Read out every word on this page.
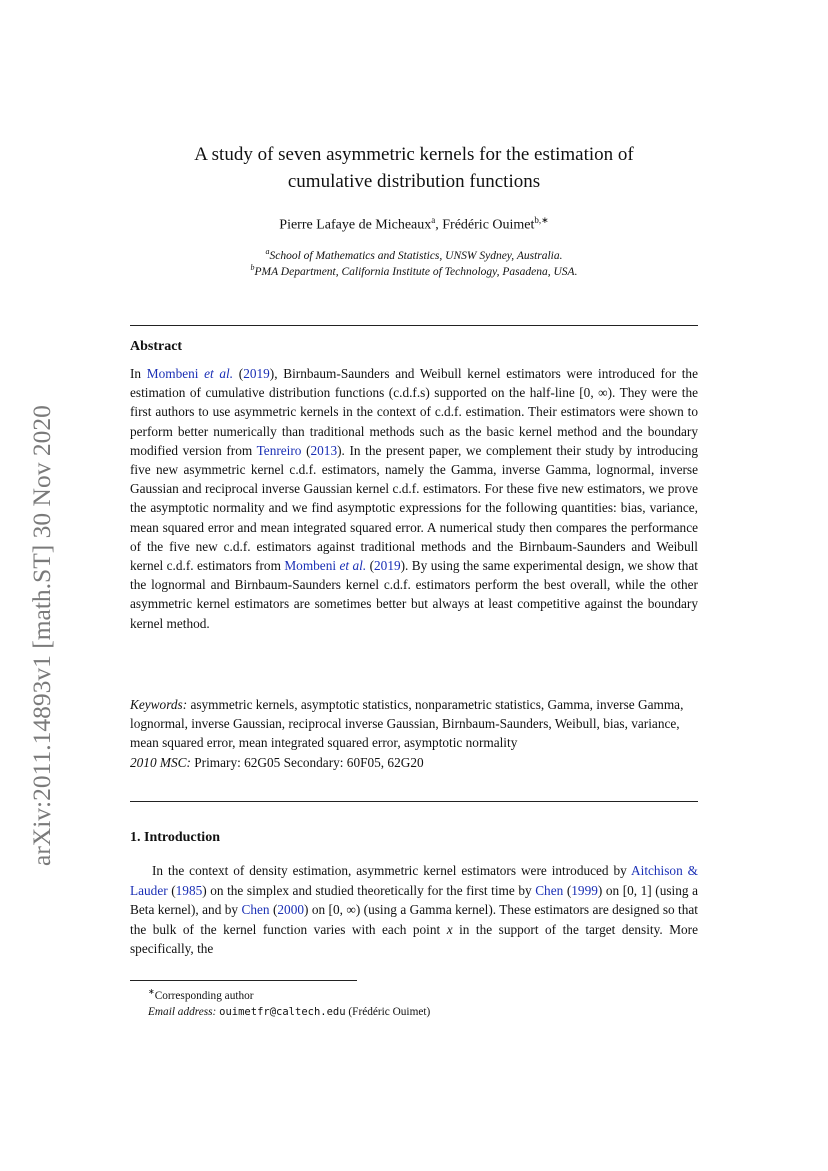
arXiv:2011.14893v1 [math.ST] 30 Nov 2020
A study of seven asymmetric kernels for the estimation of
cumulative distribution functions
Pierre Lafaye de Micheaux$^a$, Frédéric Ouimet$^{b,∗}$
$^a$School of Mathematics and Statistics, UNSW Sydney, Australia.
$^b$PMA Department, California Institute of Technology, Pasadena, USA.
Abstract
In Mombeni et al. (2019), Birnbaum-Saunders and Weibull kernel estimators were introduced for the estimation of cumulative distribution functions (c.d.f.s) supported on the half-line [0, ∞). They were the first authors to use asymmetric kernels in the context of c.d.f. estimation. Their estimators were shown to perform better numerically than traditional methods such as the basic kernel method and the boundary modified version from Tenreiro (2013). In the present paper, we complement their study by introducing five new asymmetric kernel c.d.f. estimators, namely the Gamma, inverse Gamma, lognormal, inverse Gaussian and reciprocal inverse Gaussian kernel c.d.f. estimators. For these five new estimators, we prove the asymptotic normality and we find asymptotic expressions for the following quantities: bias, variance, mean squared error and mean integrated squared error. A numerical study then compares the performance of the five new c.d.f. estimators against traditional methods and the Birnbaum-Saunders and Weibull kernel c.d.f. estimators from Mombeni et al. (2019). By using the same experimental design, we show that the lognormal and Birnbaum-Saunders kernel c.d.f. estimators perform the best overall, while the other asymmetric kernel estimators are sometimes better but always at least competitive against the boundary kernel method.
Keywords: asymmetric kernels, asymptotic statistics, nonparametric statistics, Gamma, inverse Gamma, lognormal, inverse Gaussian, reciprocal inverse Gaussian, Birnbaum-Saunders, Weibull, bias, variance, mean squared error, mean integrated squared error, asymptotic normality
2010 MSC: Primary: 62G05 Secondary: 60F05, 62G20
1. Introduction
In the context of density estimation, asymmetric kernel estimators were introduced by Aitchison & Lauder (1985) on the simplex and studied theoretically for the first time by Chen (1999) on [0, 1] (using a Beta kernel), and by Chen (2000) on [0, ∞) (using a Gamma kernel). These estimators are designed so that the bulk of the kernel function varies with each point x in the support of the target density. More specifically, the
∗Corresponding author
Email address: ouimetfr@caltech.edu (Frédéric Ouimet)
